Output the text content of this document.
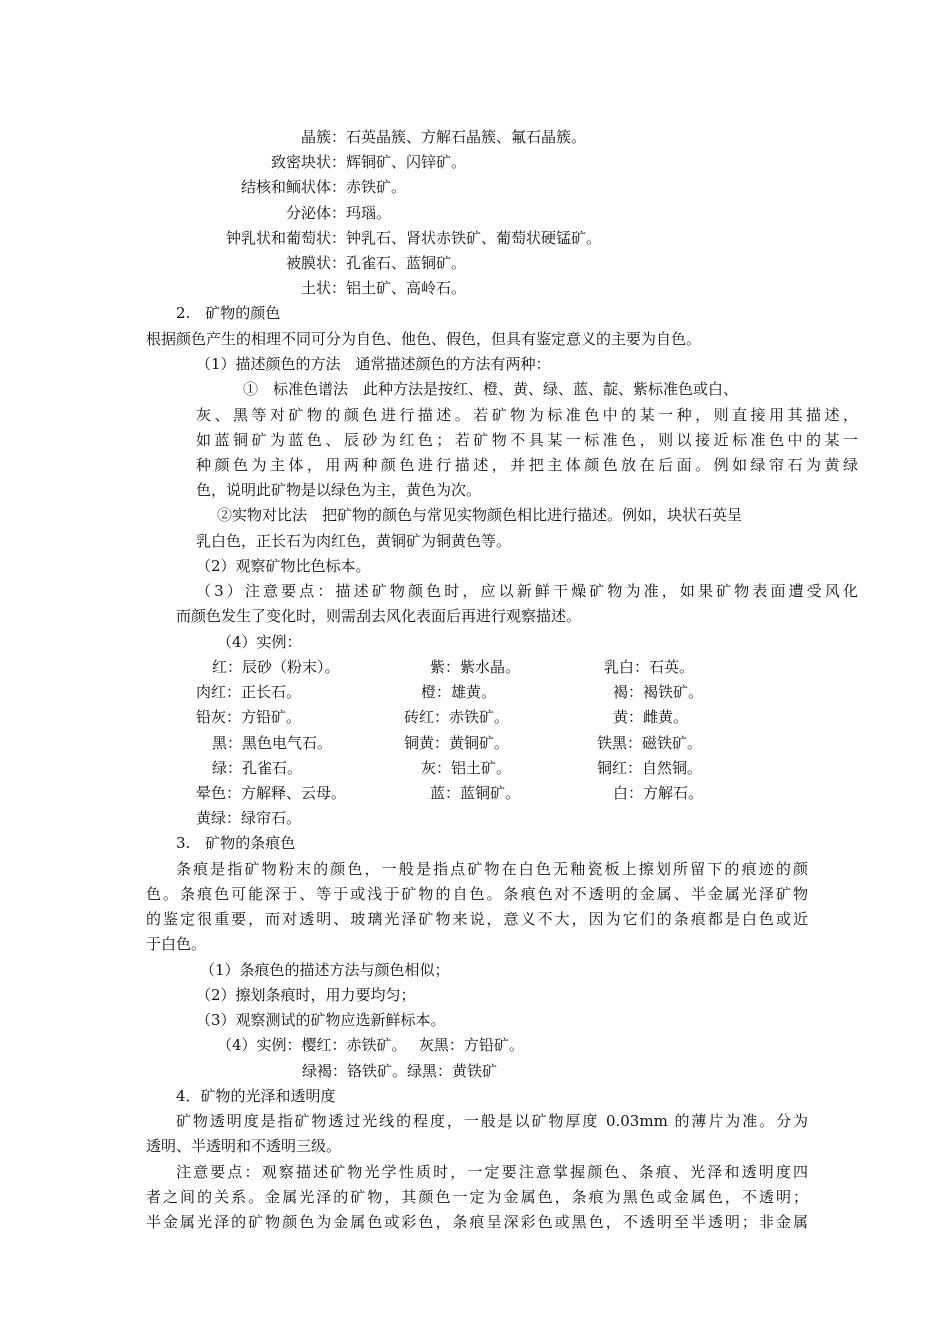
晶簇：石英晶簇、方解石晶簇、氟石晶簇。
致密块状：辉铜矿、闪锌矿。
结核和鲕状体：赤铁矿。
分泌体：玛瑙。
钟乳状和葡萄状：钟乳石、肾状赤铁矿、葡萄状硬锰矿。
被膜状：孔雀石、蓝铜矿。
土状：铝土矿、高岭石。
2.　矿物的颜色
根据颜色产生的相理不同可分为自色、他色、假色，但具有鉴定意义的主要为自色。
（1）描述颜色的方法　通常描述颜色的方法有两种：
①　标准色谱法　此种方法是按红、橙、黄、绿、蓝、靛、紫标准色或白、
灰、黑等对矿物的颜色进行描述。若矿物为标准色中的某一种，则直接用其描述，
如蓝铜矿为蓝色、辰砂为红色；若矿物不具某一标准色，则以接近标准色中的某一
种颜色为主体，用两种颜色进行描述，并把主体颜色放在后面。例如绿帘石为黄绿
色，说明此矿物是以绿色为主，黄色为次。
②实物对比法　把矿物的颜色与常见实物颜色相比进行描述。例如，块状石英呈
乳白色，正长石为肉红色，黄铜矿为铜黄色等。
（2）观察矿物比色标本。
（3）注意要点：描述矿物颜色时，应以新鲜干燥矿物为准，如果矿物表面遭受风化
而颜色发生了变化时，则需刮去风化表面后再进行观察描述。
（4）实例：
红：辰砂（粉末）。	紫：紫水晶。	乳白：石英。
肉红：正长石。	橙：雄黄。	褐：褐铁矿。
铅灰：方铅矿。	砖红：赤铁矿。	黄：雌黄。
黑：黑色电气石。	铜黄：黄铜矿。	铁黑：磁铁矿。
绿：孔雀石。	灰：铝土矿。	铜红：自然铜。
晕色：方解释、云母。	蓝：蓝铜矿。	白：方解石。
黄绿：绿帘石。
3.　矿物的条痕色
条痕是指矿物粉末的颜色，一般是指点矿物在白色无釉瓷板上擦划所留下的痕迹的颜
色。条痕色可能深于、等于或浅于矿物的自色。条痕色对不透明的金属、半金属光泽矿物
的鉴定很重要，而对透明、玻璃光泽矿物来说，意义不大，因为它们的条痕都是白色或近
于白色。
（1）条痕色的描述方法与颜色相似；
（2）擦划条痕时，用力要均匀；
（3）观察测试的矿物应选新鲜标本。
（4）实例：樱红：赤铁矿。　 灰黑：方铅矿。
绿褐：铬铁矿。绿黑：黄铁矿
4．矿物的光泽和透明度
矿物透明度是指矿物透过光线的程度，一般是以矿物厚度 0.03mm 的薄片为准。分为
透明、半透明和不透明三级。
注意要点：观察描述矿物光学性质时，一定要注意掌握颜色、条痕、光泽和透明度四
者之间的关系。金属光泽的矿物，其颜色一定为金属色，条痕为黑色或金属色，不透明；
半金属光泽的矿物颜色为金属色或彩色，条痕呈深彩色或黑色，不透明至半透明；非金属
